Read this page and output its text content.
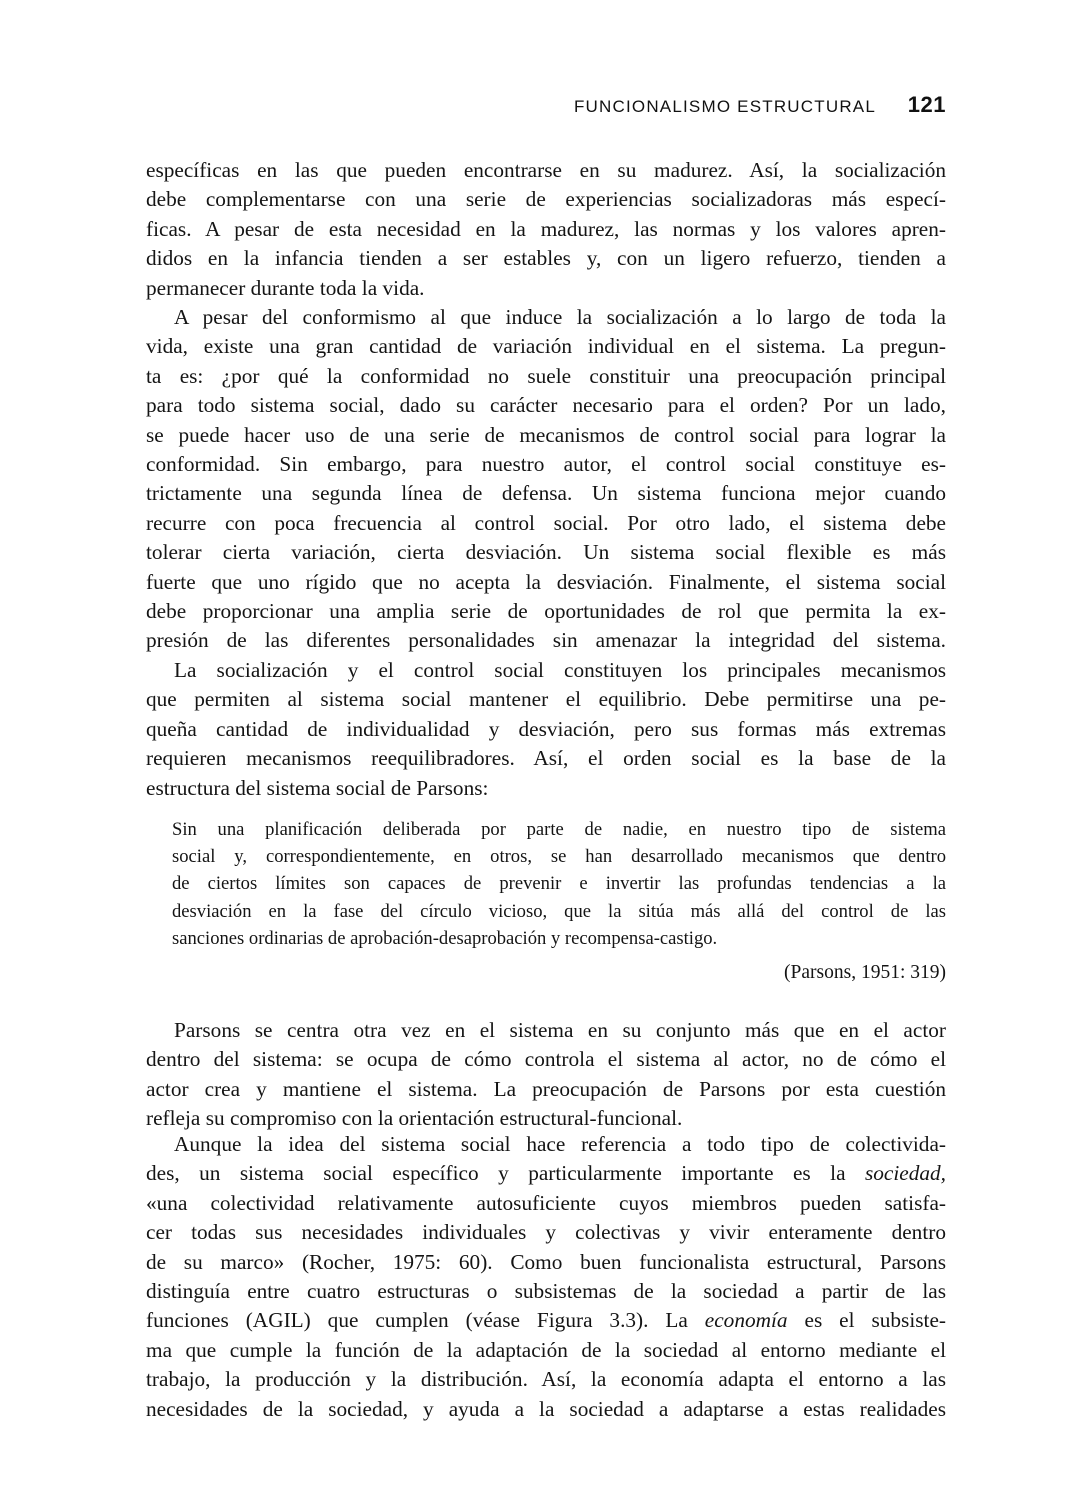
FUNCIONALISMO ESTRUCTURAL 121
específicas en las que pueden encontrarse en su madurez. Así, la socialización
debe complementarse con una serie de experiencias socializadoras más especí-
ficas. A pesar de esta necesidad en la madurez, las normas y los valores apren-
didos en la infancia tienden a ser estables y, con un ligero refuerzo, tienden a
permanecer durante toda la vida.
A pesar del conformismo al que induce la socialización a lo largo de toda la
vida, existe una gran cantidad de variación individual en el sistema. La pregun-
ta es: ¿por qué la conformidad no suele constituir una preocupación principal
para todo sistema social, dado su carácter necesario para el orden? Por un lado,
se puede hacer uso de una serie de mecanismos de control social para lograr la
conformidad. Sin embargo, para nuestro autor, el control social constituye es-
trictamente una segunda línea de defensa. Un sistema funciona mejor cuando
recurre con poca frecuencia al control social. Por otro lado, el sistema debe
tolerar cierta variación, cierta desviación. Un sistema social flexible es más
fuerte que uno rígido que no acepta la desviación. Finalmente, el sistema social
debe proporcionar una amplia serie de oportunidades de rol que permita la ex-
presión de las diferentes personalidades sin amenazar la integridad del sistema.
La socialización y el control social constituyen los principales mecanismos
que permiten al sistema social mantener el equilibrio. Debe permitirse una pe-
queña cantidad de individualidad y desviación, pero sus formas más extremas
requieren mecanismos reequilibradores. Así, el orden social es la base de la
estructura del sistema social de Parsons:
Sin una planificación deliberada por parte de nadie, en nuestro tipo de sistema
social y, correspondientemente, en otros, se han desarrollado mecanismos que dentro
de ciertos límites son capaces de prevenir e invertir las profundas tendencias a la
desviación en la fase del círculo vicioso, que la sitúa más allá del control de las
sanciones ordinarias de aprobación-desaprobación y recompensa-castigo.
(Parsons, 1951: 319)
Parsons se centra otra vez en el sistema en su conjunto más que en el actor
dentro del sistema: se ocupa de cómo controla el sistema al actor, no de cómo el
actor crea y mantiene el sistema. La preocupación de Parsons por esta cuestión
refleja su compromiso con la orientación estructural-funcional.
Aunque la idea del sistema social hace referencia a todo tipo de colectivida-
des, un sistema social específico y particularmente importante es la sociedad,
«una colectividad relativamente autosuficiente cuyos miembros pueden satisfa-
cer todas sus necesidades individuales y colectivas y vivir enteramente dentro
de su marco» (Rocher, 1975: 60). Como buen funcionalista estructural, Parsons
distinguía entre cuatro estructuras o subsistemas de la sociedad a partir de las
funciones (AGIL) que cumplen (véase Figura 3.3). La economía es el subsiste-
ma que cumple la función de la adaptación de la sociedad al entorno mediante el
trabajo, la producción y la distribución. Así, la economía adapta el entorno a las
necesidades de la sociedad, y ayuda a la sociedad a adaptarse a estas realidades
